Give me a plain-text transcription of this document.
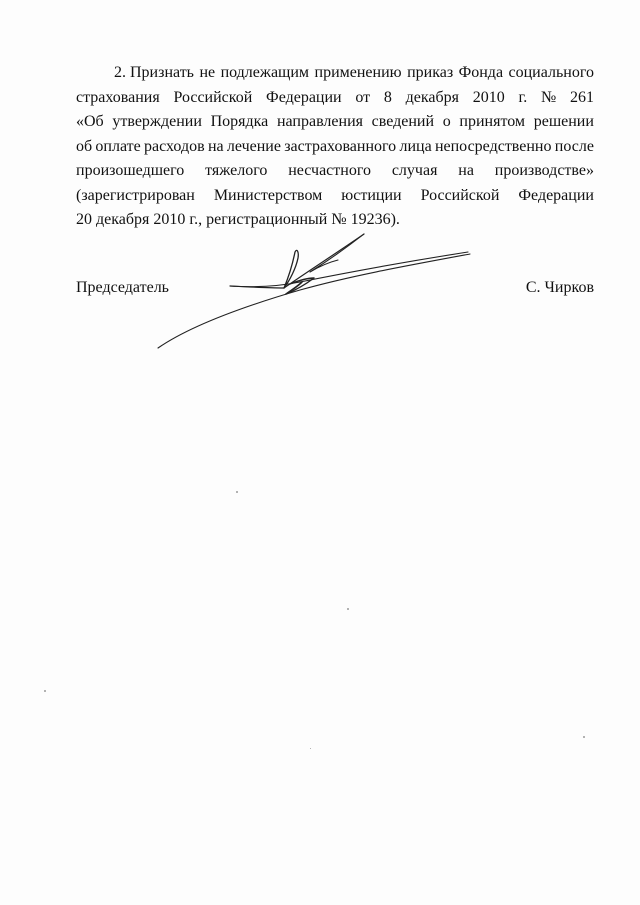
2. Признать не подлежащим применению приказ Фонда социального
страхования Российской Федерации от 8 декабря 2010 г. № 261
«Об утверждении Порядка направления сведений о принятом решении
об оплате расходов на лечение застрахованного лица непосредственно после
произошедшего тяжелого несчастного случая на производстве»
(зарегистрирован Министерством юстиции Российской Федерации
20 декабря 2010 г., регистрационный № 19236).
Председатель	С. Чирков
